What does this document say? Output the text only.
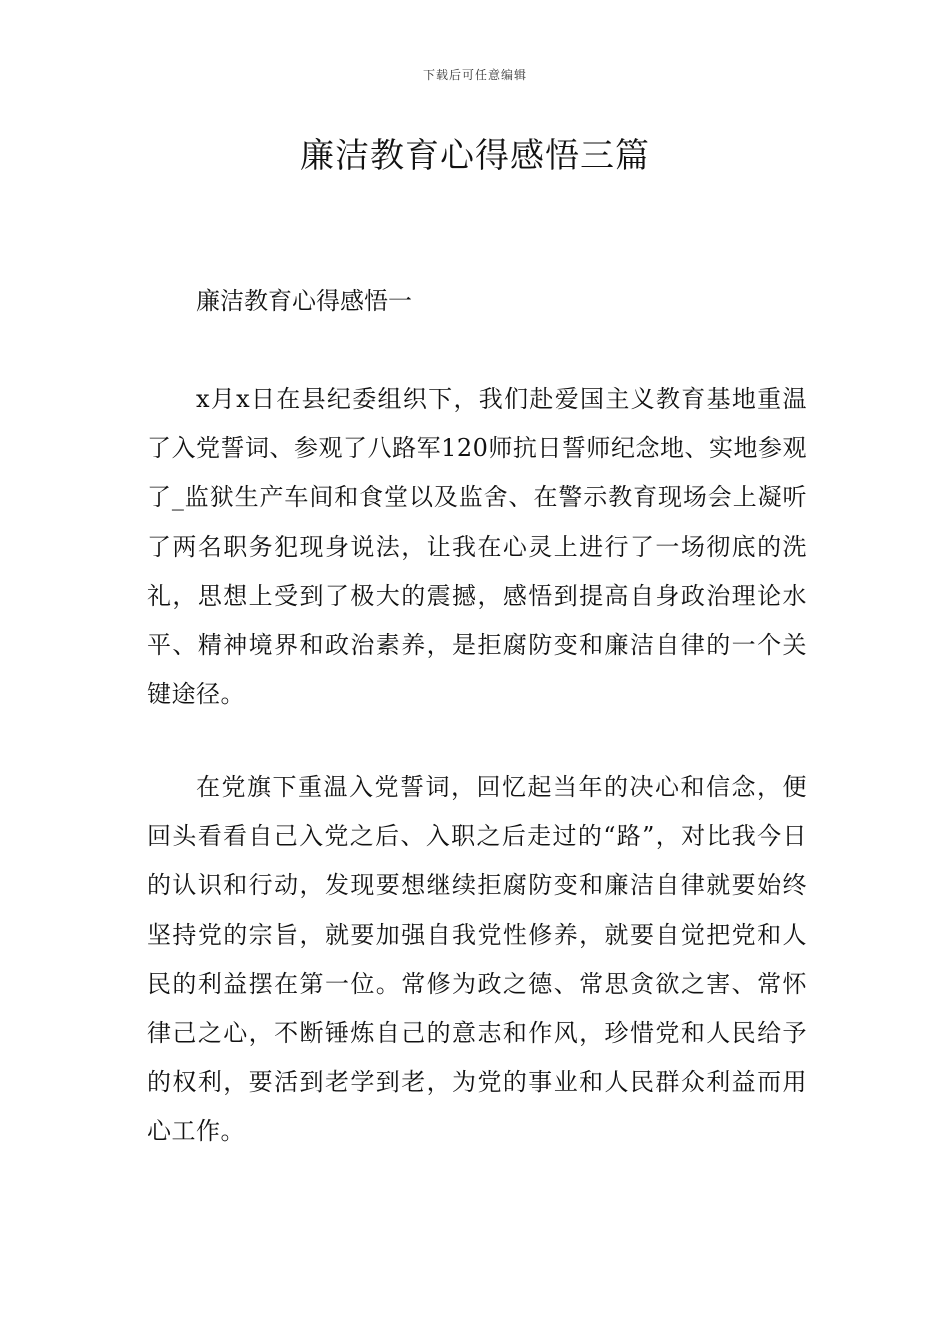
下载后可任意编辑
廉洁教育心得感悟三篇
廉洁教育心得感悟一

x月x日在县纪委组织下，我们赴爱国主义教育基地重温了入党誓词、参观了八路军120师抗日誓师纪念地、实地参观了_监狱生产车间和食堂以及监舍、在警示教育现场会上凝听了两名职务犯现身说法，让我在心灵上进行了一场彻底的洗礼，思想上受到了极大的震撼，感悟到提高自身政治理论水平、精神境界和政治素养，是拒腐防变和廉洁自律的一个关键途径。

在党旗下重温入党誓词，回忆起当年的决心和信念，便回头看看自己入党之后、入职之后走过的“路”，对比我今日的认识和行动，发现要想继续拒腐防变和廉洁自律就要始终坚持党的宗旨，就要加强自我党性修养，就要自觉把党和人民的利益摆在第一位。常修为政之德、常思贪欲之害、常怀律己之心，不断锤炼自己的意志和作风，珍惜党和人民给予的权利，要活到老学到老，为党的事业和人民群众利益而用心工作。
